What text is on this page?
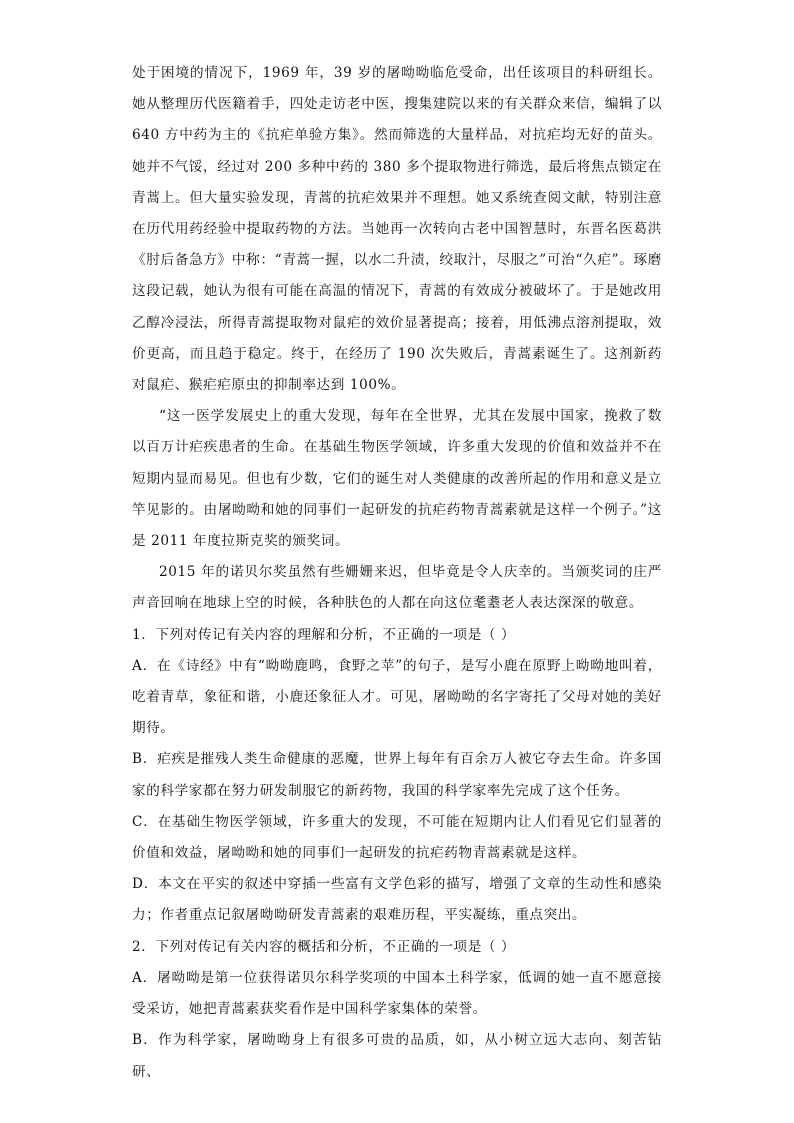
处于困境的情况下，1969 年，39 岁的屠呦呦临危受命，出任该项目的科研组长。她从整理历代医籍着手，四处走访老中医，搜集建院以来的有关群众来信，编辑了以 640 方中药为主的《抗疟单验方集》。然而筛选的大量样品，对抗疟均无好的苗头。她并不气馁，经过对 200 多种中药的 380 多个提取物进行筛选，最后将焦点锁定在青蒿上。但大量实验发现，青蒿的抗疟效果并不理想。她又系统查阅文献，特别注意在历代用药经验中提取药物的方法。当她再一次转向古老中国智慧时，东晋名医葛洪《肘后备急方》中称：“青蒿一握，以水二升渍，绞取汁，尽服之”可治“久疟”。琢磨这段记载，她认为很有可能在高温的情况下，青蒿的有效成分被破坏了。于是她改用乙醇冷浸法，所得青蒿提取物对鼠疟的效价显著提高；接着，用低沸点溶剂提取，效价更高，而且趋于稳定。终于，在经历了 190 次失败后，青蒿素诞生了。这剂新药对鼠疟、猴疟疟原虫的抑制率达到 100%。

“这一医学发展史上的重大发现，每年在全世界，尤其在发展中国家，挽救了数以百万计疟疾患者的生命。在基础生物医学领域，许多重大发现的价值和效益并不在短期内显而易见。但也有少数，它们的诞生对人类健康的改善所起的作用和意义是立竿见影的。由屠呦呦和她的同事们一起研发的抗疟药物青蒿素就是这样一个例子。”这是 2011 年度拉斯克奖的颁奖词。

2015 年的诺贝尔奖虽然有些姗姗来迟，但毕竟是令人庆幸的。当颁奖词的庄严声音回响在地球上空的时候，各种肤色的人都在向这位耄耋老人表达深深的敬意。

1．下列对传记有关内容的理解和分析，不正确的一项是（ ）

A．在《诗经》中有“呦呦鹿鸣，食野之苹”的句子，是写小鹿在原野上呦呦地叫着，吃着青草，象征和谐，小鹿还象征人才。可见，屠呦呦的名字寄托了父母对她的美好期待。

B．疟疾是摧残人类生命健康的恶魔，世界上每年有百余万人被它夺去生命。许多国家的科学家都在努力研发制服它的新药物，我国的科学家率先完成了这个任务。

C．在基础生物医学领域，许多重大的发现，不可能在短期内让人们看见它们显著的价值和效益，屠呦呦和她的同事们一起研发的抗疟药物青蒿素就是这样。

D．本文在平实的叙述中穿插一些富有文学色彩的描写，增强了文章的生动性和感染力；作者重点记叙屠呦呦研发青蒿素的艰难历程，平实凝练，重点突出。

2．下列对传记有关内容的概括和分析，不正确的一项是（ ）

A．屠呦呦是第一位获得诺贝尔科学奖项的中国本土科学家，低调的她一直不愿意接受采访，她把青蒿素获奖看作是中国科学家集体的荣誉。

B．作为科学家，屠呦呦身上有很多可贵的品质，如，从小树立远大志向、刻苦钻研、
